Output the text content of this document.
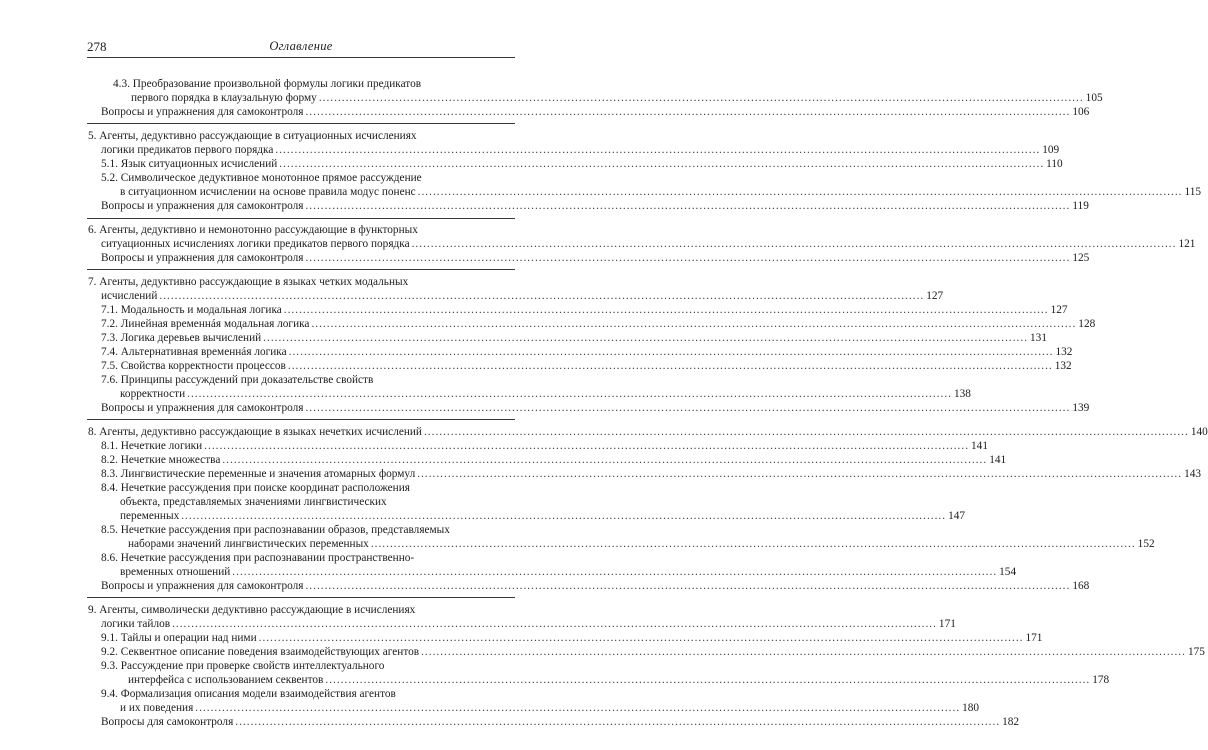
278	Оглавление
4.3. Преобразование произвольной формулы логики предикатов
первого порядка в клаузальную форму ........................................................................................................................................................................................................ 105
Вопросы и упражнения для самоконтроля ........................................................................................................................................................................................................ 106
5. Агенты, дедуктивно рассуждающие в ситуационных исчислениях
логики предикатов первого порядка ........................................................................................................................................................................................................ 109
5.1. Язык ситуационных исчислений ........................................................................................................................................................................................................ 110
5.2. Символическое дедуктивное монотонное прямое рассуждение
в ситуационном исчислении на основе правила модус поненс ........................................................................................................................................................................................................ 115
Вопросы и упражнения для самоконтроля ........................................................................................................................................................................................................ 119
6. Агенты, дедуктивно и немонотонно рассуждающие в функторных
ситуационных исчислениях логики предикатов первого порядка ........................................................................................................................................................................................................ 121
Вопросы и упражнения для самоконтроля ........................................................................................................................................................................................................ 125
7. Агенты, дедуктивно рассуждающие в языках четких модальных
исчислений ........................................................................................................................................................................................................ 127
7.1. Модальность и модальная логика ........................................................................................................................................................................................................ 127
7.2. Линейная временнáя модальная логика ........................................................................................................................................................................................................ 128
7.3. Логика деревьев вычислений ........................................................................................................................................................................................................ 131
7.4. Альтернативная временнáя логика ........................................................................................................................................................................................................ 132
7.5. Свойства корректности процессов ........................................................................................................................................................................................................ 132
7.6. Принципы рассуждений при доказательстве свойств
корректности ........................................................................................................................................................................................................ 138
Вопросы и упражнения для самоконтроля ........................................................................................................................................................................................................ 139
8. Агенты, дедуктивно рассуждающие в языках нечетких исчислений ........................................................................................................................................................................................................ 140
8.1. Нечеткие логики ........................................................................................................................................................................................................ 141
8.2. Нечеткие множества ........................................................................................................................................................................................................ 141
8.3. Лингвистические переменные и значения атомарных формул ........................................................................................................................................................................................................ 143
8.4. Нечеткие рассуждения при поиске координат расположения
объекта, представляемых значениями лингвистических
переменных ........................................................................................................................................................................................................ 147
8.5. Нечеткие рассуждения при распознавании образов, представляемых
наборами значений лингвистических переменных ........................................................................................................................................................................................................ 152
8.6. Нечеткие рассуждения при распознавании пространственно-
временных отношений ........................................................................................................................................................................................................ 154
Вопросы и упражнения для самоконтроля ........................................................................................................................................................................................................ 168
9. Агенты, символически дедуктивно рассуждающие в исчислениях
логики тайлов ........................................................................................................................................................................................................ 171
9.1. Тайлы и операции над ними ........................................................................................................................................................................................................ 171
9.2. Секвентное описание поведения взаимодействующих агентов ........................................................................................................................................................................................................ 175
9.3. Рассуждение при проверке свойств интеллектуального
интерфейса с использованием секвентов ........................................................................................................................................................................................................ 178
9.4. Формализация описания модели взаимодействия агентов
и их поведения ........................................................................................................................................................................................................ 180
Вопросы для самоконтроля ........................................................................................................................................................................................................ 182
